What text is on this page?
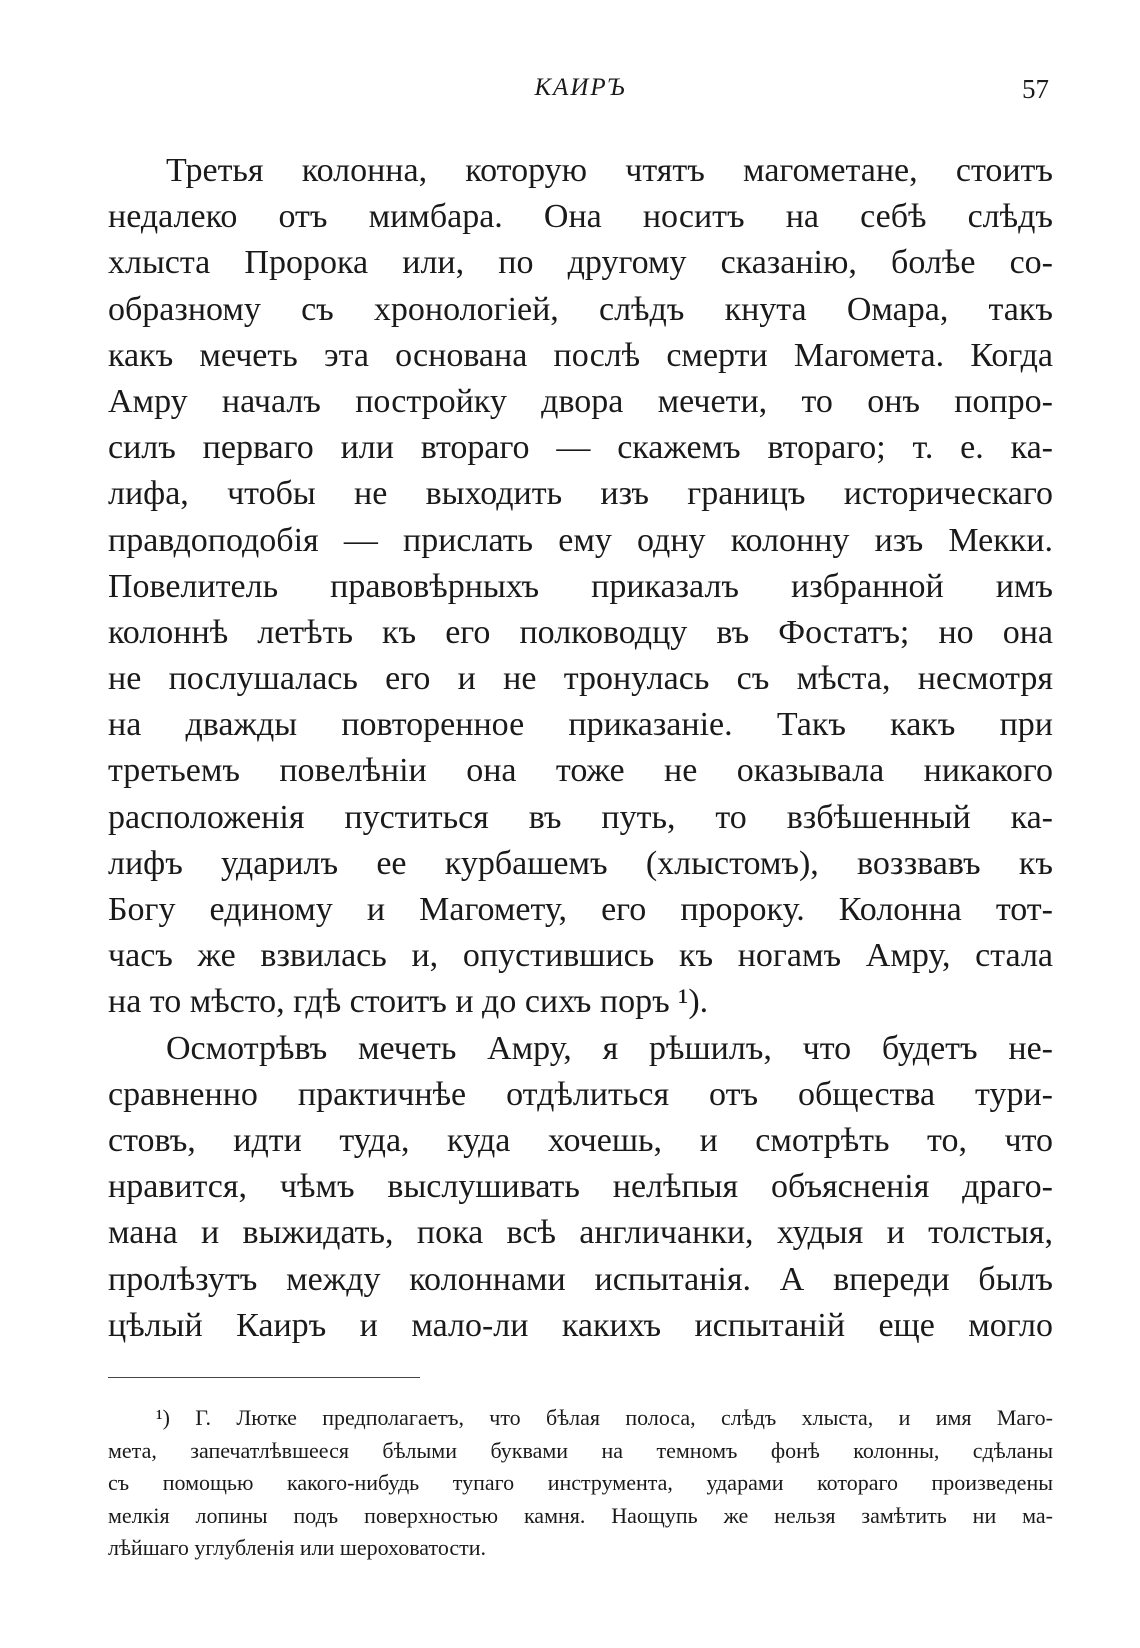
КАИРЪ	57
Третья колонна, которую чтятъ магометане, стоитъ
недалеко отъ мимбара. Она носитъ на себѣ слѣдъ
хлыста Пророка или, по другому сказанію, болѣе со-
образному съ хронологіей, слѣдъ кнута Омара, такъ
какъ мечеть эта основана послѣ смерти Магомета. Когда
Амру началъ постройку двора мечети, то онъ попро-
силъ перваго или втораго — скажемъ втораго; т. е. ка-
лифа, чтобы не выходить изъ границъ историческаго
правдоподобія — прислать ему одну колонну изъ Мекки.
Повелитель правовѣрныхъ приказалъ избранной имъ
колоннѣ летѣть къ его полководцу въ Фостатъ; но она
не послушалась его и не тронулась съ мѣста, несмотря
на дважды повторенное приказаніе. Такъ какъ при
третьемъ повелѣніи она тоже не оказывала никакого
расположенія пуститься въ путь, то взбѣшенный ка-
лифъ ударилъ ее курбашемъ (хлыстомъ), воззвавъ къ
Богу единому и Магомету, его пророку. Колонна тот-
часъ же взвилась и, опустившись къ ногамъ Амру, стала
на то мѣсто, гдѣ стоитъ и до сихъ поръ ¹).
Осмотрѣвъ мечеть Амру, я рѣшилъ, что будетъ не-
сравненно практичнѣе отдѣлиться отъ общества тури-
стовъ, идти туда, куда хочешь, и смотрѣть то, что
нравится, чѣмъ выслушивать нелѣпыя объясненія драго-
мана и выжидать, пока всѣ англичанки, худыя и толстыя,
пролѣзутъ между колоннами испытанія. А впереди былъ
цѣлый Каиръ и мало-ли какихъ испытаній еще могло
¹) Г. Лютке предполагаетъ, что бѣлая полоса, слѣдъ хлыста, и имя Маго-
мета, запечатлѣвшееся бѣлыми буквами на темномъ фонѣ колонны, сдѣланы
съ помощью какого-нибудь тупаго инструмента, ударами котораго произведены
мелкія лопины подъ поверхностью камня. Наощупь же нельзя замѣтить ни ма-
лѣйшаго углубленія или шероховатости.
